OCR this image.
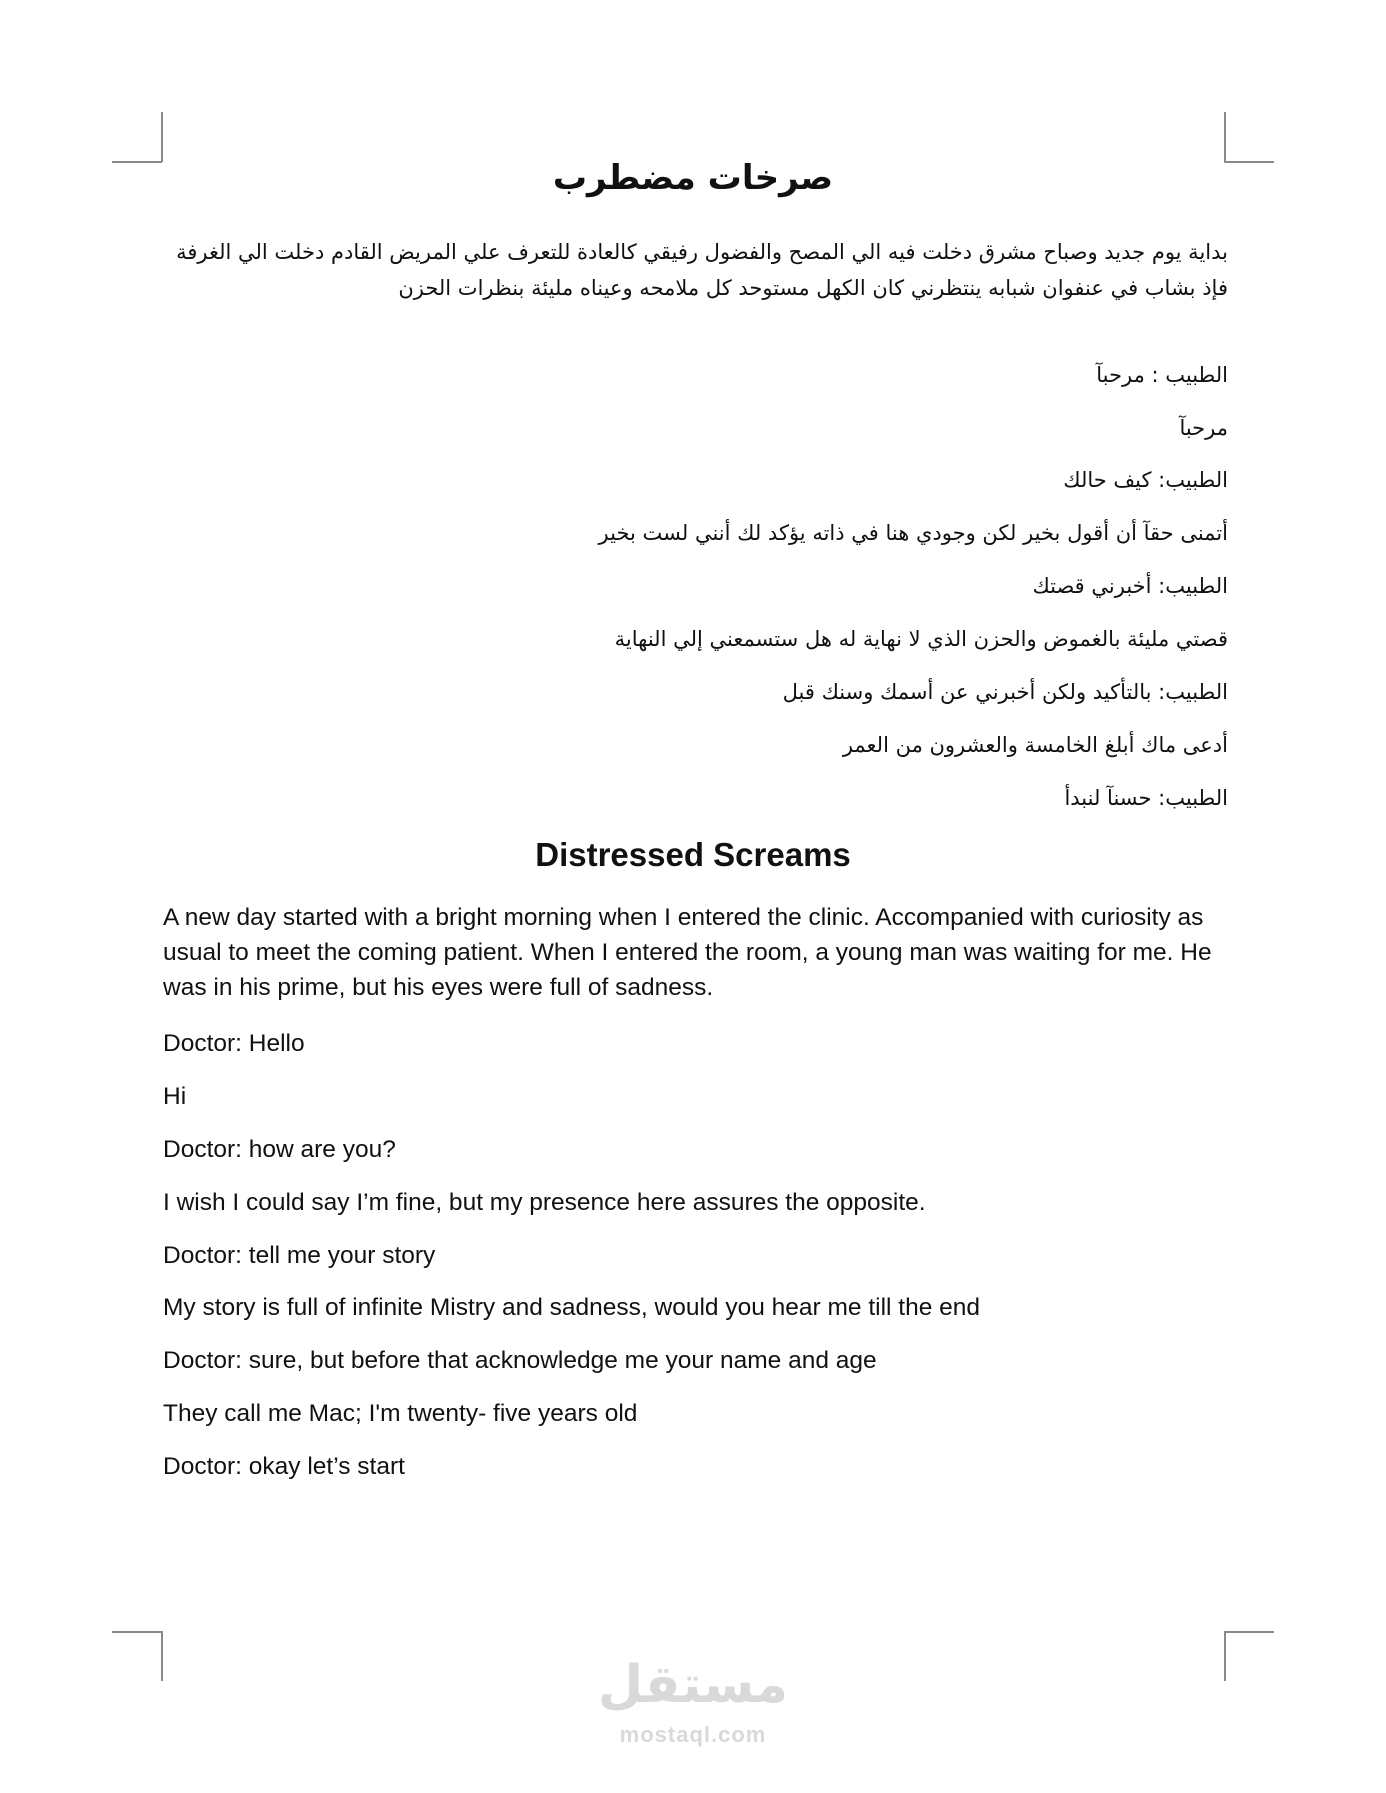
صرخات مضطرب

بداية يوم جديد وصباح مشرق دخلت فيه الي المصح والفضول رفيقي كالعادة للتعرف علي المريض القادم دخلت الي الغرفة فإذ بشاب في عنفوان شبابه ينتظرني كان الكهل مستوحد كل ملامحه وعيناه مليئة بنظرات الحزن

الطبيب : مرحبآ

مرحبآ

الطبيب: كيف حالك

أتمنى حقآ أن أقول بخير لكن وجودي هنا في ذاته يؤكد لك أنني لست بخير

الطبيب: أخبرني قصتك

قصتي مليئة بالغموض والحزن الذي لا نهاية له هل ستسمعني إلي النهاية

الطبيب: بالتأكيد ولكن أخبرني عن أسمك وسنك قبل

أدعى ماك أبلغ الخامسة والعشرون من العمر

الطبيب: حسنآ لنبدأ

Distressed Screams

A new day started with a bright morning when I entered the clinic. Accompanied with curiosity as usual to meet the coming patient. When I entered the room, a young man was waiting for me. He was in his prime, but his eyes were full of sadness.

Doctor: Hello

Hi

Doctor: how are you?

I wish I could say I’m fine, but my presence here assures the opposite.

Doctor: tell me your story

My story is full of infinite Mistry and sadness, would you hear me till the end

Doctor: sure, but before that acknowledge me your name and age

They call me Mac; I'm twenty- five years old

Doctor: okay let’s start

مستقل
mostaql.com
